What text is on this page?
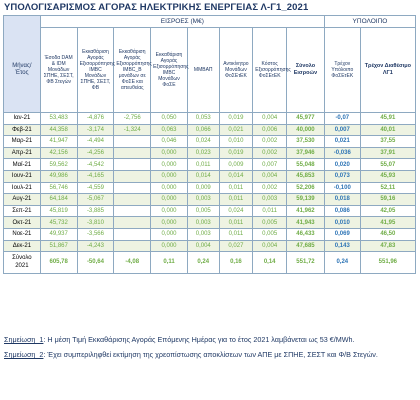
ΥΠΟΛΟΓΙΣΑΡΙΣΜΟΣ ΑΓΟΡΑΣ ΗΛΕΚΤΡΙΚΗΣ ΕΝΕΡΓΕΙΑΣ Λ-Γ1_2021
	ΕΙΣΡΟΕΣ (Μ€)								ΥΠΟΛΟΙΠΟ	
Μήνας/ Έτος	Έσοδα DAM & IDM Μονάδων ΣΠΗΕ, ΣΕΣΤ, ΦΒ Στεγών	Εκκαθάριση Αγοράς Εξισορρόπησης IMBC Μονάδων ΣΠΗΕ, ΣΕΣΤ, ΦΒ	Εκκαθάριση Αγοράς Εξισορρόπησης IMBC_B μονάδων σε ΦοΣΕ και απευθείας	Εκκαθάριση Αγοράς Εξισορρόπησης IMBC Μονάδων ΦοΣΕ	ΜΜΒΑΠ	Αντικίνητρο Μονάδων ΦοΣΕτΕΚ	Κόστος Εξισορρόπησης ΦοΣΕτΕΚ	Σύνολο Εισροών	Τρέχον Υπόλοιπο ΦοΣΕτΕΚ	Τρέχον Διαθέσιμο ΛΓ1
Ιαν-21	53,483	-4,876	-2,756	0,050	0,053	0,019	0,004	45,977	-0,07	45,91
Φεβ-21	44,358	-3,174	-1,324	0,063	0,066	0,021	0,006	40,000	0,007	40,01
Μαρ-21	41,947	-4,494		0,046	0,024	0,010	0,002	37,530	0,021	37,55
Απρ-21	42,156	-4,256		0,000	0,023	0,019	0,002	37,946	-0,036	37,91
Μαϊ-21	59,562	-4,542		0,000	0,011	0,009	0,007	55,048	0,020	55,07
Ιουν-21	49,986	-4,165		0,000	0,014	0,014	0,004	45,853	0,073	45,93
Ιουλ-21	56,746	-4,559		0,000	0,009	0,011	0,002	52,206	-0,100	52,11
Αυγ-21	64,184	-5,067		0,000	0,003	0,011	0,003	59,139	0,018	59,16
Σεπ-21	45,819	-3,885		0,000	0,005	0,024	0,011	41,962	0,086	42,05
Οκτ-21	45,732	-3,810		0,000	0,003	0,011	0,005	41,943	0,010	41,95
Νοε-21	49,937	-3,566		0,000	0,003	0,011	0,005	46,433	0,069	46,50
Δεκ-21	51,867	-4,243		0,000	0,004	0,027	0,004	47,685	0,143	47,83
Σύνολο 2021	605,78	-50,64	-4,08	0,11	0,24	0,16	0,14	551,72	0,24	551,96

Σημείωση_1: Η μέση Τιμή Εκκαθάρισης Αγοράς Επόμενης Ημέρας για το έτος 2021 λαμβάνεται ως 53 €/MWh.

Σημείωση_2: Έχει συμπεριληφθεί εκτίμηση της χρεοπίστωσης αποκλίσεων των ΑΠΕ με ΣΠΗΕ, ΣΕΣΤ και Φ/Β Στεγών.
